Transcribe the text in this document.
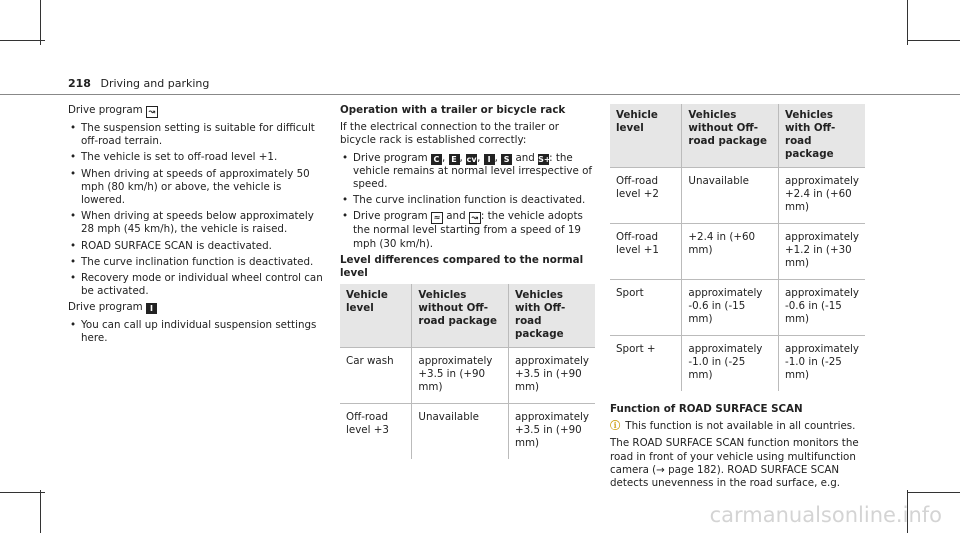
218 Driving and parking

Drive program ↝

• The suspension setting is suitable for difficult off-road terrain.
• The vehicle is set to off-road level +1.
• When driving at speeds of approximately 50 mph (80 km/h) or above, the vehicle is lowered.
• When driving at speeds below approximately 28 mph (45 km/h), the vehicle is raised.
• ROAD SURFACE SCAN is deactivated.
• The curve inclination function is deactivated.
• Recovery mode or individual wheel control can be activated.

Drive program I

• You can call up individual suspension settings here.

Operation with a trailer or bicycle rack

If the electrical connection to the trailer or bicycle rack is established correctly:

• Drive program C , E , cv, I , S and S+: the vehicle remains at normal level irrespective of speed.
• The curve inclination function is deactivated.
• Drive program ≈ and ↝ : the vehicle adopts the normal level starting from a speed of 19 mph (30 km/h).

Level differences compared to the normal level

Vehicle level	Vehicles without Off-road package	Vehicles with Off-road package
Car wash	approximately +3.5 in (+90 mm)	approximately +3.5 in (+90 mm)
Off-road level +3	Unavailable	approximately +3.5 in (+90 mm)
Vehicle level	Vehicles without Off-road package	Vehicles with Off-road package
Off-road level +2	Unavailable	approximately +2.4 in (+60 mm)
Off-road level +1	+2.4 in (+60 mm)	approximately +1.2 in (+30 mm)
Sport	approximately -0.6 in (-15 mm)	approximately -0.6 in (-15 mm)
Sport +	approximately -1.0 in (-25 mm)	approximately -1.0 in (-25 mm)

Function of ROAD SURFACE SCAN

ⓘ This function is not available in all countries.

The ROAD SURFACE SCAN function monitors the road in front of your vehicle using multifunction camera (→ page 182). ROAD SURFACE SCAN detects unevenness in the road surface, e.g.

carmanualsonline.info
